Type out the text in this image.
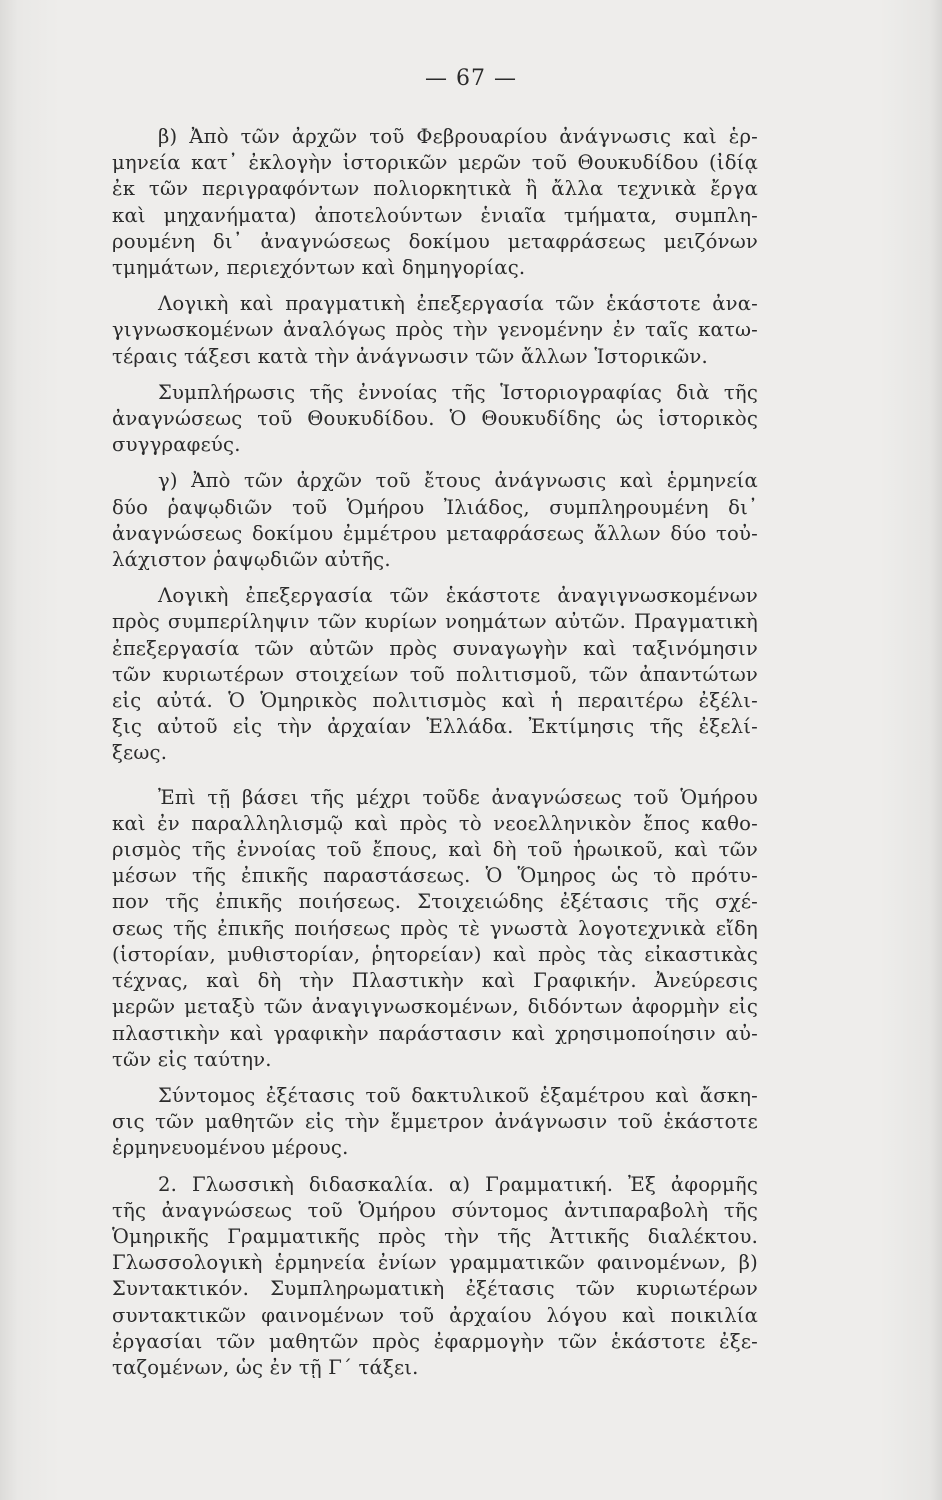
— 67 —

β) Ἀπὸ τῶν ἀρχῶν τοῦ Φεβρουαρίου ἀνάγνωσις καὶ ἑρ-
μηνεία κατ᾽ ἐκλογὴν ἱστορικῶν μερῶν τοῦ Θουκυδίδου (ἰδίᾳ
ἐκ τῶν περιγραφόντων πολιορκητικὰ ἢ ἄλλα τεχνικὰ ἔργα
καὶ μηχανήματα) ἀποτελούντων ἑνιαῖα τμήματα, συμπλη-
ρουμένη δι᾽ ἀναγνώσεως δοκίμου μεταφράσεως μειζόνων
τμημάτων, περιεχόντων καὶ δημηγορίας.

Λογικὴ καὶ πραγματικὴ ἐπεξεργασία τῶν ἑκάστοτε ἀνα-
γιγνωσκομένων ἀναλόγως πρὸς τὴν γενομένην ἐν ταῖς κατω-
τέραις τάξεσι κατὰ τὴν ἀνάγνωσιν τῶν ἄλλων Ἱστορικῶν.

Συμπλήρωσις τῆς ἐννοίας τῆς Ἱστοριογραφίας διὰ τῆς
ἀναγνώσεως τοῦ Θουκυδίδου. Ὁ Θουκυδίδης ὡς ἱστορικὸς
συγγραφεύς.

γ) Ἀπὸ τῶν ἀρχῶν τοῦ ἔτους ἀνάγνωσις καὶ ἑρμηνεία
δύο ῥαψῳδιῶν τοῦ Ὁμήρου Ἰλιάδος, συμπληρουμένη δι᾽
ἀναγνώσεως δοκίμου ἐμμέτρου μεταφράσεως ἄλλων δύο τοὐ-
λάχιστον ῥαψῳδιῶν αὐτῆς.

Λογικὴ ἐπεξεργασία τῶν ἑκάστοτε ἀναγιγνωσκομένων
πρὸς συμπερίληψιν τῶν κυρίων νοημάτων αὐτῶν. Πραγματικὴ
ἐπεξεργασία τῶν αὐτῶν πρὸς συναγωγὴν καὶ ταξινόμησιν
τῶν κυριωτέρων στοιχείων τοῦ πολιτισμοῦ, τῶν ἀπαντώτων
εἰς αὐτά. Ὁ Ὁμηρικὸς πολιτισμὸς καὶ ἡ περαιτέρω ἐξέλι-
ξις αὐτοῦ εἰς τὴν ἀρχαίαν Ἑλλάδα. Ἐκτίμησις τῆς ἐξελί-
ξεως.

Ἐπὶ τῇ βάσει τῆς μέχρι τοῦδε ἀναγνώσεως τοῦ Ὁμήρου
καὶ ἐν παραλληλισμῷ καὶ πρὸς τὸ νεοελληνικὸν ἔπος καθο-
ρισμὸς τῆς ἐννοίας τοῦ ἔπους, καὶ δὴ τοῦ ἡρωικοῦ, καὶ τῶν
μέσων τῆς ἐπικῆς παραστάσεως. Ὁ Ὅμηρος ὡς τὸ πρότυ-
πον τῆς ἐπικῆς ποιήσεως. Στοιχειώδης ἐξέτασις τῆς σχέ-
σεως τῆς ἐπικῆς ποιήσεως πρὸς τὲ γνωστὰ λογοτεχνικὰ εἴδη
(ἱστορίαν, μυθιστορίαν, ῥητορείαν) καὶ πρὸς τὰς εἰκαστικὰς
τέχνας, καὶ δὴ τὴν Πλαστικὴν καὶ Γραφικήν. Ἀνεύρεσις
μερῶν μεταξὺ τῶν ἀναγιγνωσκομένων, διδόντων ἀφορμὴν εἰς
πλαστικὴν καὶ γραφικὴν παράστασιν καὶ χρησιμοποίησιν αὐ-
τῶν εἰς ταύτην.

Σύντομος ἐξέτασις τοῦ δακτυλικοῦ ἑξαμέτρου καὶ ἄσκη-
σις τῶν μαθητῶν εἰς τὴν ἔμμετρον ἀνάγνωσιν τοῦ ἑκάστοτε
ἑρμηνευομένου μέρους.

2. Γλωσσικὴ διδασκαλία. α) Γραμματική. Ἐξ ἀφορμῆς
τῆς ἀναγνώσεως τοῦ Ὁμήρου σύντομος ἀντιπαραβολὴ τῆς
Ὁμηρικῆς Γραμματικῆς πρὸς τὴν τῆς Ἀττικῆς διαλέκτου.
Γλωσσολογικὴ ἑρμηνεία ἐνίων γραμματικῶν φαινομένων, β)
Συντακτικόν. Συμπληρωματικὴ ἐξέτασις τῶν κυριωτέρων
συντακτικῶν φαινομένων τοῦ ἀρχαίου λόγου καὶ ποικιλία
ἐργασίαι τῶν μαθητῶν πρὸς ἐφαρμογὴν τῶν ἑκάστοτε ἐξε-
ταζομένων, ὡς ἐν τῇ Γ´ τάξει.
